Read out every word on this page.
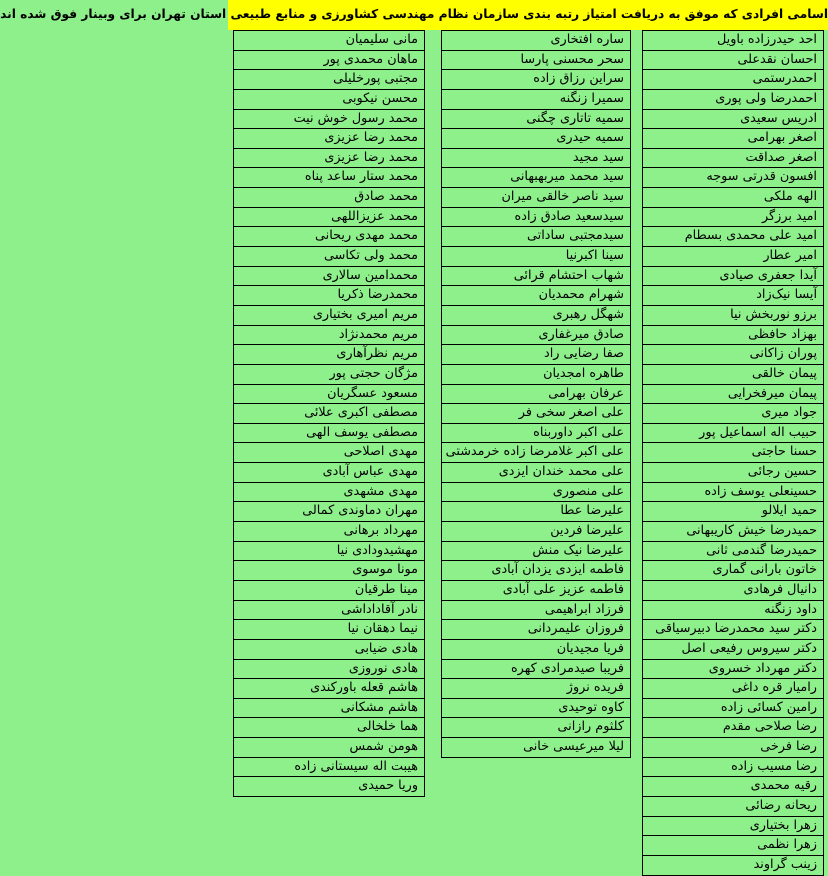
اسامی افرادی که موفق به دریافت امتیاز رتبه بندی سازمان نظام مهندسی کشاورزی و منابع طبیعی استان تهران برای وبینار فوق شده اند
احد حیدرزاده باویل
احسان نقدعلی
احمدرستمی
احمدرضا ولی پوری
ادریس سعیدی
اصغر بهرامی
اصغر صداقت
افسون قدرتی سوجه
الهه ملکی
امید برزگر
امید علی محمدی بسطام
امیر عطار
آیدا جعفری صیادی
آیسا نیک‌زاد
برزو نوربخش نیا
بهزاد حافظی
پوران زاکانی
پیمان خالقی
پیمان میرفخرایی
جواد میری
حبیب اله اسماعیل پور
حسنا حاجتی
حسین رجائی
حسینعلی یوسف زاده
حمید ایلالو
حمیدرضا خیش کاریبهانی
حمیدرضا گندمی ثانی
خاتون بارانی گماری
دانیال فرهادی
داود زنگنه
دکتر سید محمدرضا دبیرسیاقی
دکتر سیروس رفیعی اصل
دکتر مهرداد خسروی
رامیار قره داغی
رامین کسائی زاده
رضا صلاحی مقدم
رضا فرخی
رضا مسیب زاده
رقیه محمدی
ریحانه رضائی
زهرا بختیاری
زهرا نظمی
زینب گراوند
ساره افتخاری
سحر محسنی پارسا
سراین رزاق زاده
سمیرا زنگنه
سمیه تاتاری چگنی
سمیه حیدری
سید مجید
سید محمد میربهبهانی
سید ناصر خالقی میران
سیدسعید صادق زاده
سیدمجتبی ساداتی
سینا اکبرنیا
شهاب احتشام قرائی
شهرام محمدیان
شهگل رهبری
صادق میرغفاری
صفا رضایی راد
طاهره امجدیان
عرفان بهرامی
علی اصغر سخی فر
علی اکبر داوربناه
علی اکبر غلامرضا زاده خرمدشتی
علی محمد خندان ایزدی
علی منصوری
علیرضا عطا
علیرضا فردین
علیرضا نیک منش
فاطمه ایزدی یزدان آبادی
فاطمه عزیز علی آبادی
فرزاد ابراهیمی
فروزان علیمردانی
فریا مجیدیان
فریبا صیدمرادی کهره
فریده نروژ
کاوه توحیدی
کلثوم رازانی
لیلا میرعیسی خانی
مانی سلیمیان
ماهان محمدی پور
مجتبی پورخلیلی
محسن نیکوبی
محمد رسول خوش نیت
محمد رضا عزیزی
محمد رضا عزیزی
محمد ستار ساعد پناه
محمد صادق
محمد عزیزاللهی
محمد مهدی ریحانی
محمد ولی تکاسی
محمدامین سالاری
محمدرضا ذکریا
مریم امیری بختیاری
مریم محمدنژاد
مریم نظرآهاری
مژگان حجتی پور
مسعود عسگریان
مصطفی اکبری علائی
مصطفی یوسف الهی
مهدی اصلاحی
مهدی عباس آبادی
مهدی مشهدی
مهران دماوندی کمالی
مهرداد برهانی
مهشیدودادی نیا
مونا موسوی
مینا طرقیان
نادر آقاداداشی
نیما دهقان نیا
هادی ضیابی
هادی نوروزی
هاشم قعله باورکندی
هاشم مشکانی
هما خلخالی
هومن شمس
هیبت اله سیستانی زاده
وریا حمیدی
